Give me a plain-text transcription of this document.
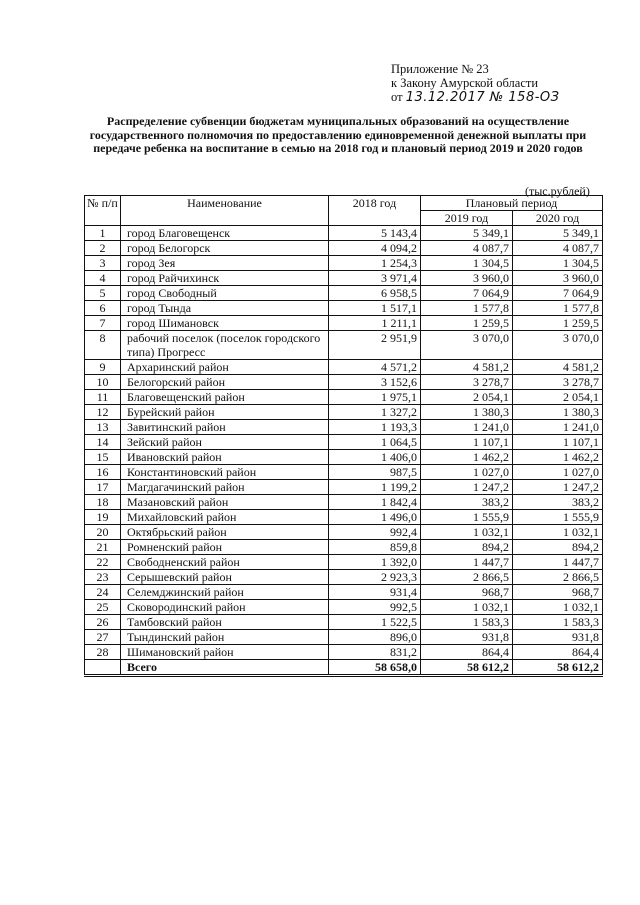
Приложение № 23
к Закону Амурской области
от 13.12.2017 № 158-ОЗ
Распределение субвенции бюджетам муниципальных образований на осуществление государственного полномочия по предоставлению единовременной денежной выплаты при передаче ребенка на воспитание в семью на 2018 год и плановый период 2019 и 2020 годов
(тыс.рублей)
№ п/п	Наименование	2018 год	Плановый период	
			2019 год	2020 год
1	город Благовещенск	5 143,4	5 349,1	5 349,1
2	город Белогорск	4 094,2	4 087,7	4 087,7
3	город Зея	1 254,3	1 304,5	1 304,5
4	город Райчихинск	3 971,4	3 960,0	3 960,0
5	город Свободный	6 958,5	7 064,9	7 064,9
6	город Тында	1 517,1	1 577,8	1 577,8
7	город Шимановск	1 211,1	1 259,5	1 259,5
8	рабочий поселок (поселок городского типа) Прогресс	2 951,9	3 070,0	3 070,0
9	Архаринский район	4 571,2	4 581,2	4 581,2
10	Белогорский район	3 152,6	3 278,7	3 278,7
11	Благовещенский район	1 975,1	2 054,1	2 054,1
12	Бурейский район	1 327,2	1 380,3	1 380,3
13	Завитинский район	1 193,3	1 241,0	1 241,0
14	Зейский район	1 064,5	1 107,1	1 107,1
15	Ивановский район	1 406,0	1 462,2	1 462,2
16	Константиновский район	987,5	1 027,0	1 027,0
17	Магдагачинский район	1 199,2	1 247,2	1 247,2
18	Мазановский район	1 842,4	383,2	383,2
19	Михайловский район	1 496,0	1 555,9	1 555,9
20	Октябрьский район	992,4	1 032,1	1 032,1
21	Ромненский район	859,8	894,2	894,2
22	Свободненский район	1 392,0	1 447,7	1 447,7
23	Серышевский район	2 923,3	2 866,5	2 866,5
24	Селемджинский район	931,4	968,7	968,7
25	Сковородинский район	992,5	1 032,1	1 032,1
26	Тамбовский район	1 522,5	1 583,3	1 583,3
27	Тындинский район	896,0	931,8	931,8
28	Шимановский район	831,2	864,4	864,4
	Всего	58 658,0	58 612,2	58 612,2
